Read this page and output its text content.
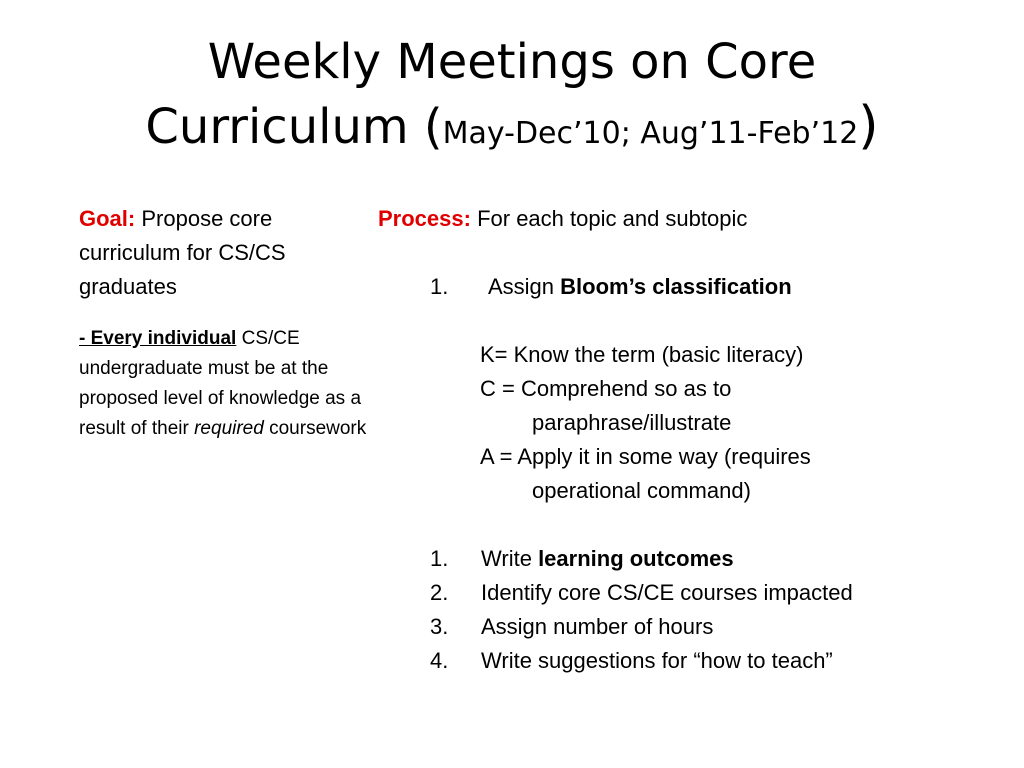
Weekly Meetings on Core
Curriculum (May-Dec’10; Aug’11-Feb’12)
Goal: Propose core curriculum for CS/CS graduates
- Every individual CS/CE undergraduate must be at the proposed level of knowledge as a result of their required coursework

Process: For each topic and subtopic

1. Assign Bloom’s classification

K= Know the term (basic literacy)

C = Comprehend so as to

paraphrase/illustrate

A = Apply it in some way (requires

operational command)

1. Write learning outcomes
2. Identify core CS/CE courses impacted
3. Assign number of hours
4. Write suggestions for “how to teach”
